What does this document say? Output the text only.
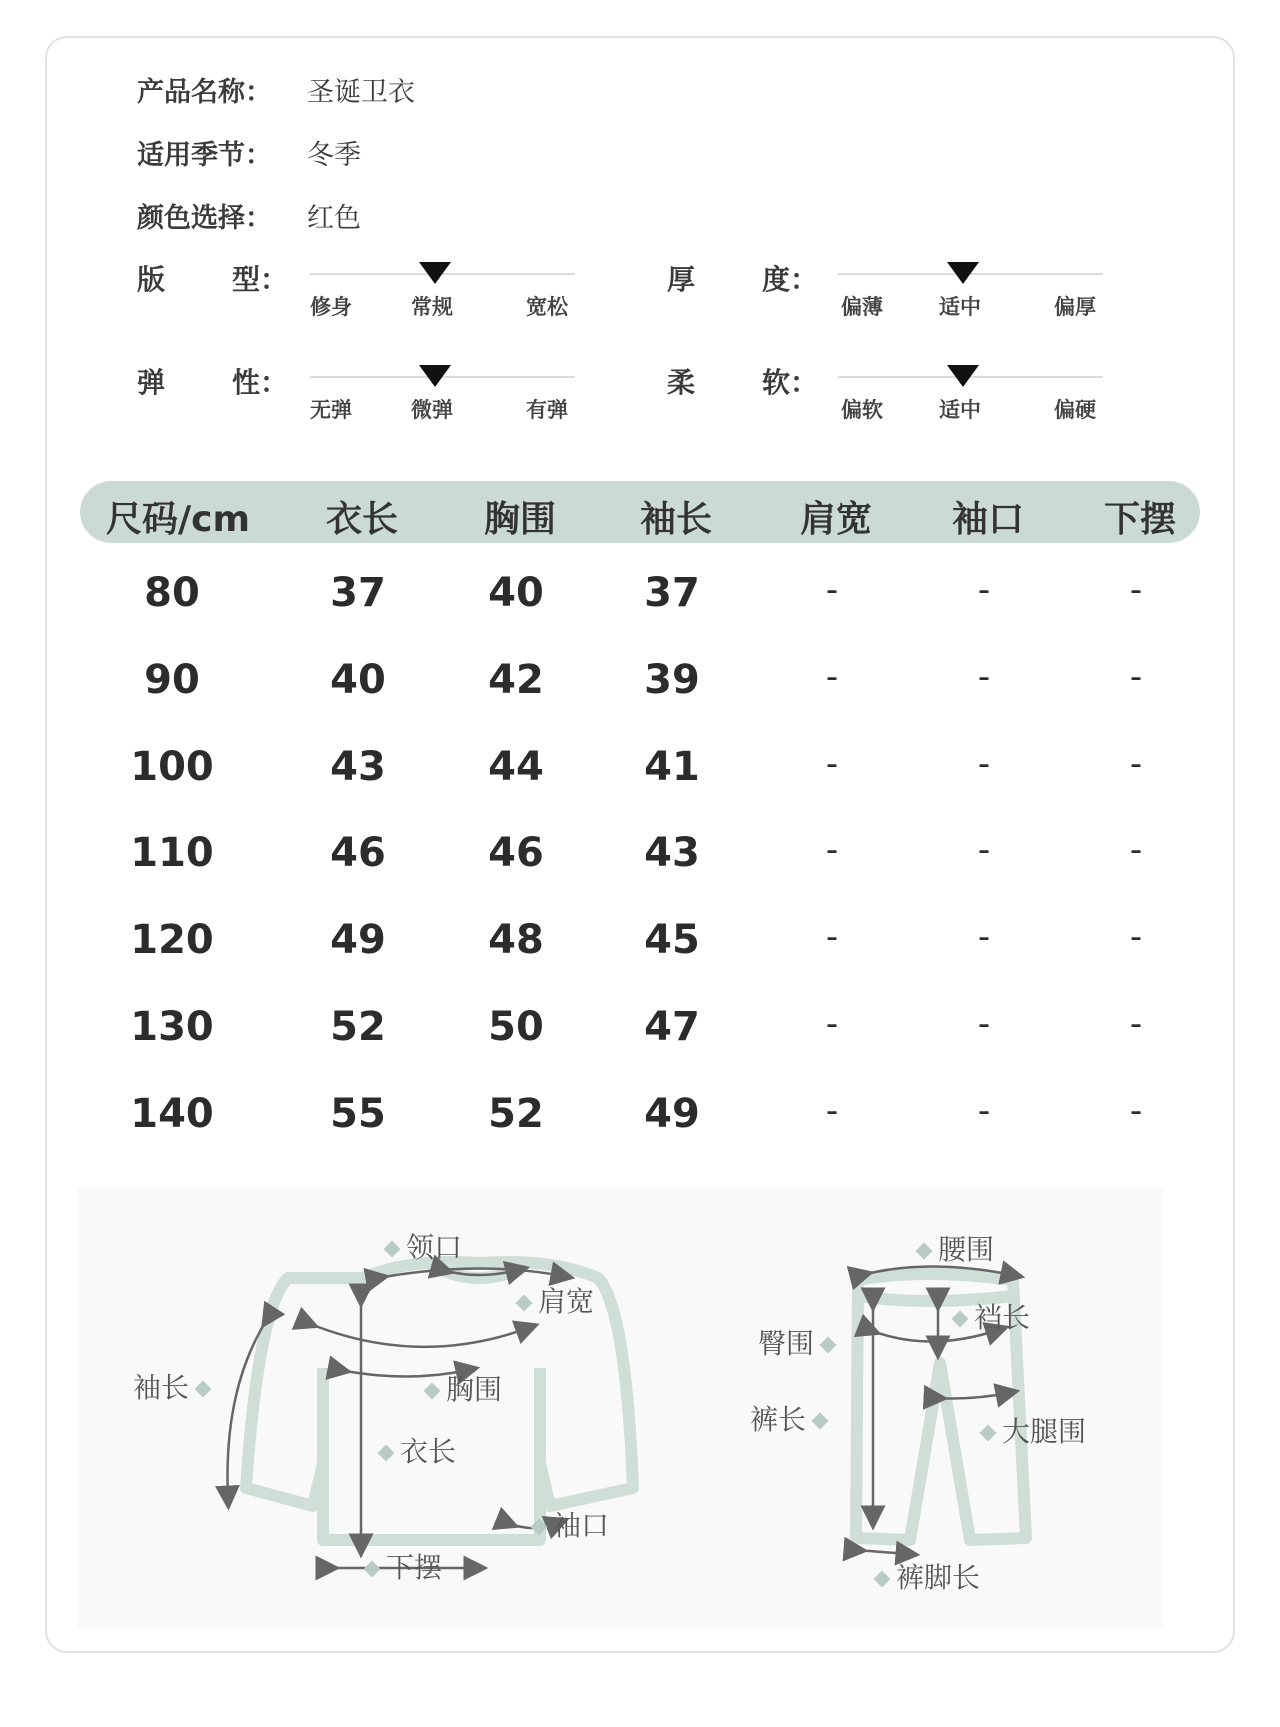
产品名称： 圣诞卫衣
适用季节： 冬季
颜色选择： 红色
版 型：
修身	常规	宽松
厚 度：
偏薄	适中	偏厚
弹 性：
无弹	微弹	有弹
柔 软：
偏软	适中	偏硬
尺码/cm 衣长 胸围 袖长 肩宽 袖口 下摆
80	37	40	37	-	-	-
90	40	42	39	-	-	-
100	43	44	41	-	-	-
110	46	46	43	-	-	-
120	49	48	45	-	-	-
130	52	50	47	-	-	-
140	55	52	49	-	-	-
领口
肩宽
袖长	胸围
衣长
袖口
下摆
腰围
裆长
臀围
裤长	大腿围
裤脚长
